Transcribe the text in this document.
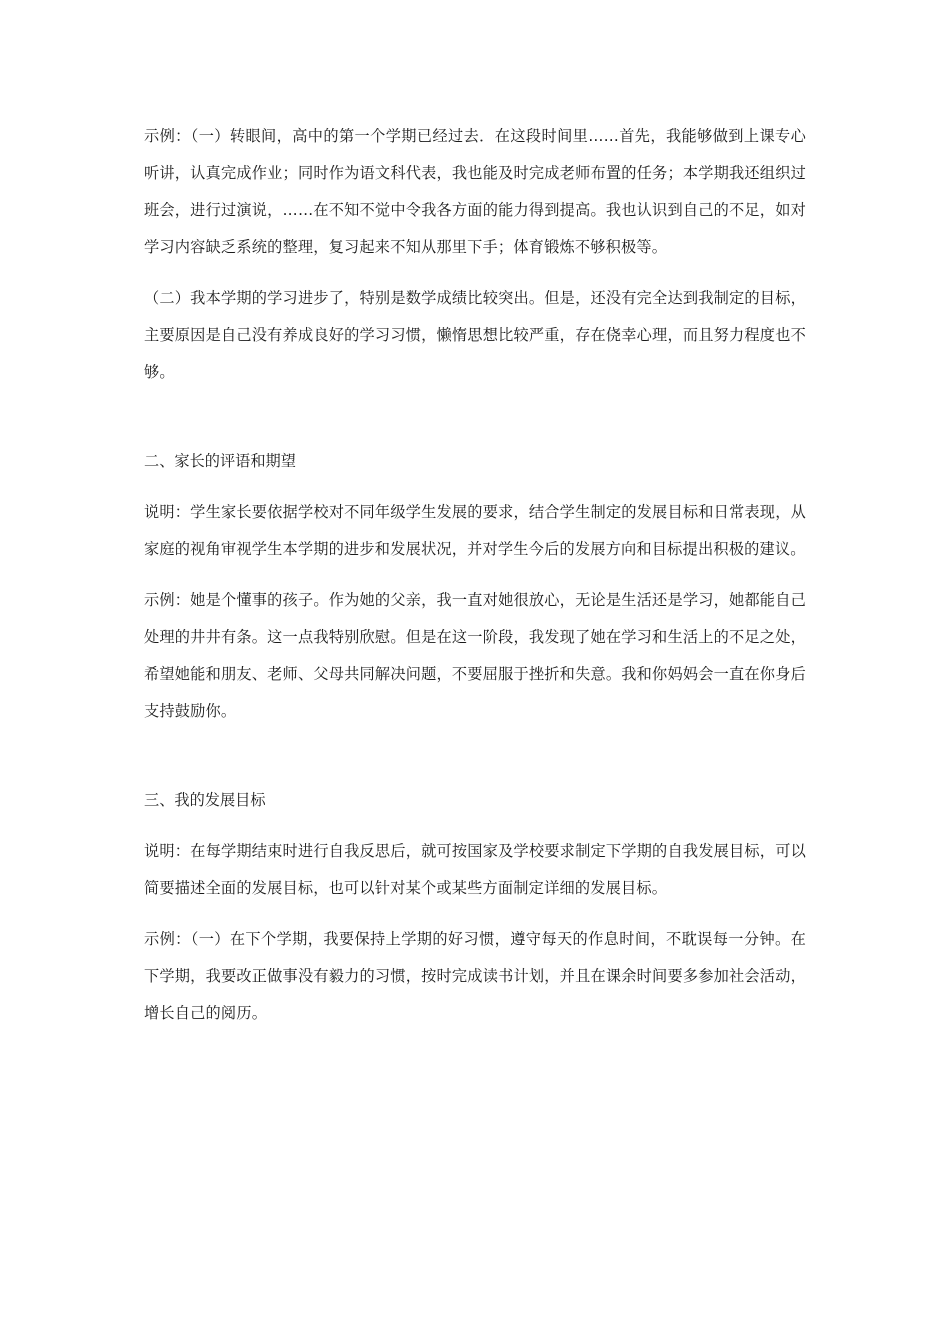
示例：（一）转眼间，高中的第一个学期已经过去．在这段时间里……首先，我能够做到上课专心听讲，认真完成作业；同时作为语文科代表，我也能及时完成老师布置的任务；本学期我还组织过班会，进行过演说，……在不知不觉中令我各方面的能力得到提高。我也认识到自己的不足，如对学习内容缺乏系统的整理，复习起来不知从那里下手；体育锻炼不够积极等。

（二）我本学期的学习进步了，特别是数学成绩比较突出。但是，还没有完全达到我制定的目标，主要原因是自己没有养成良好的学习习惯，懒惰思想比较严重，存在侥幸心理，而且努力程度也不够。

二、家长的评语和期望

说明：学生家长要依据学校对不同年级学生发展的要求，结合学生制定的发展目标和日常表现，从家庭的视角审视学生本学期的进步和发展状况，并对学生今后的发展方向和目标提出积极的建议。

示例：她是个懂事的孩子。作为她的父亲，我一直对她很放心，无论是生活还是学习，她都能自己处理的井井有条。这一点我特别欣慰。但是在这一阶段，我发现了她在学习和生活上的不足之处，希望她能和朋友、老师、父母共同解决问题，不要屈服于挫折和失意。我和你妈妈会一直在你身后支持鼓励你。

三、我的发展目标

说明：在每学期结束时进行自我反思后，就可按国家及学校要求制定下学期的自我发展目标，可以简要描述全面的发展目标，也可以针对某个或某些方面制定详细的发展目标。

示例：（一）在下个学期，我要保持上学期的好习惯，遵守每天的作息时间，不耽误每一分钟。在下学期，我要改正做事没有毅力的习惯，按时完成读书计划，并且在课余时间要多参加社会活动，增长自己的阅历。
